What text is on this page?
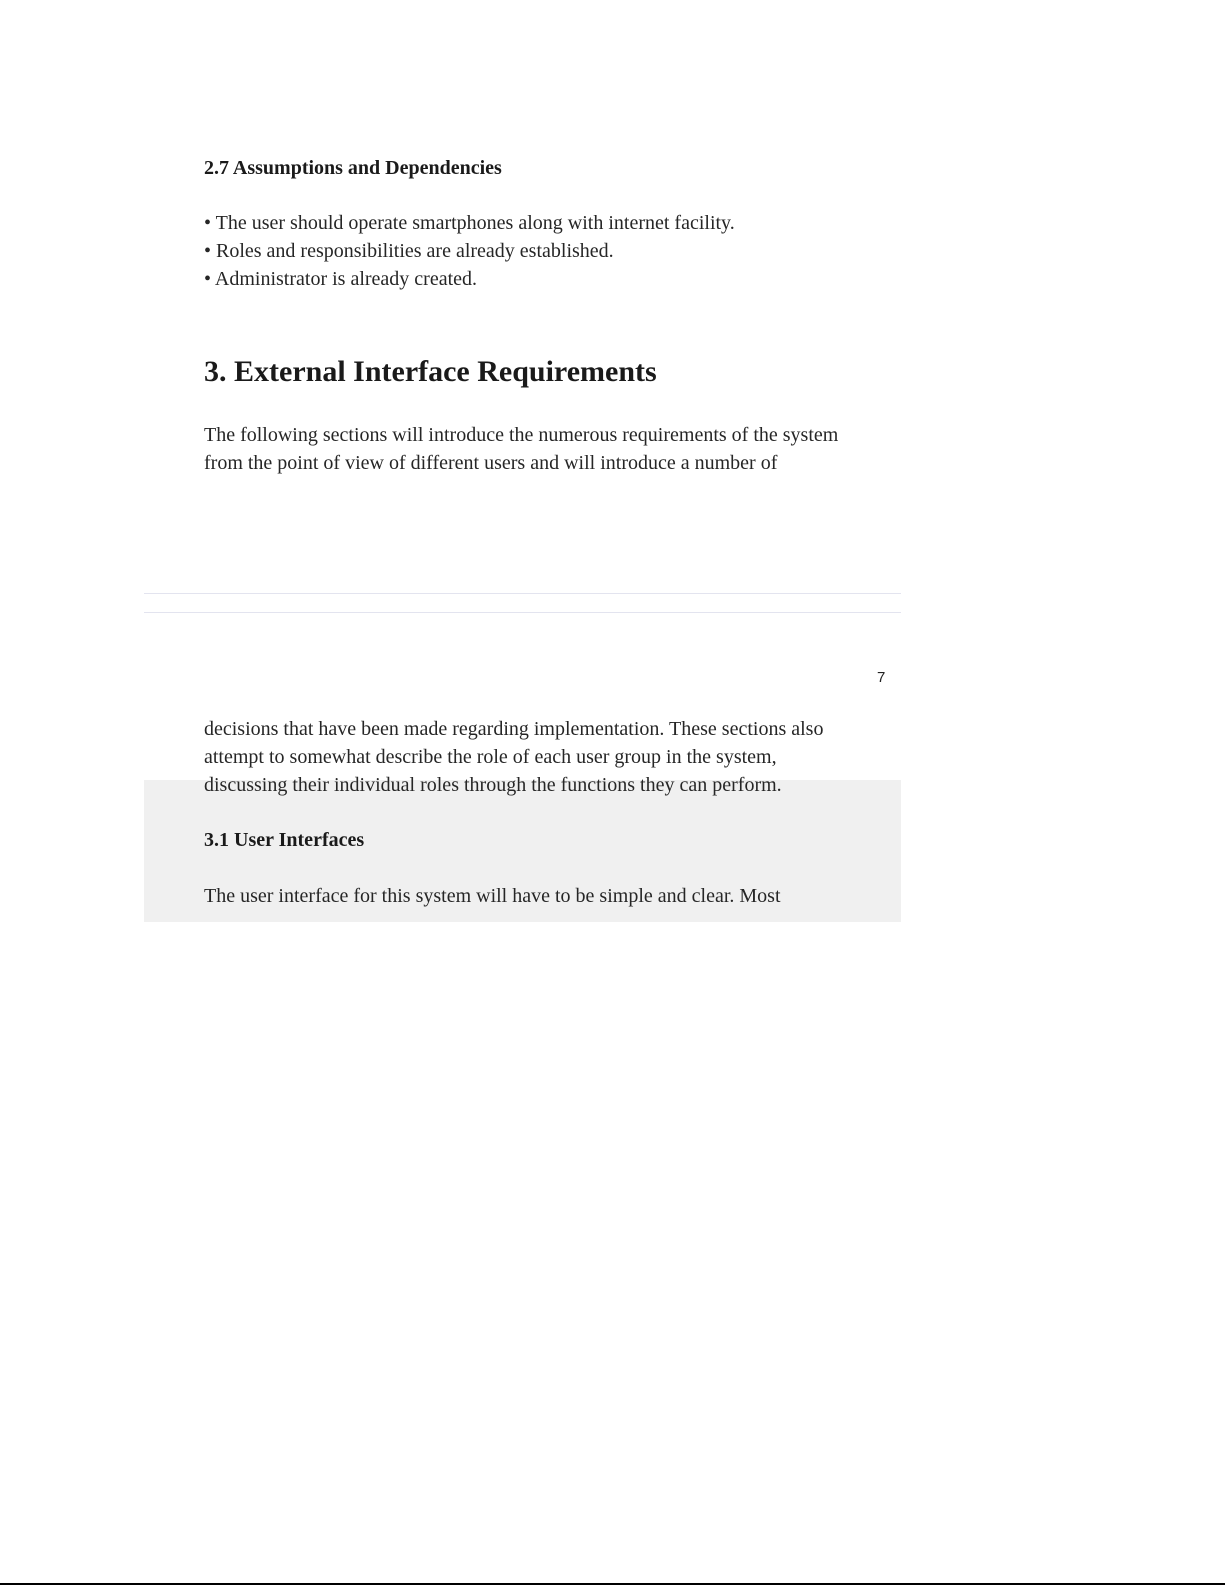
2.7 Assumptions and Dependencies
• The user should operate smartphones along with internet facility.
• Roles and responsibilities are already established.
• Administrator is already created.
3. External Interface Requirements
The following sections will introduce the numerous requirements of the system
from the point of view of different users and will introduce a number of
7
decisions that have been made regarding implementation. These sections also
attempt to somewhat describe the role of each user group in the system,
discussing their individual roles through the functions they can perform.
3.1 User Interfaces
The user interface for this system will have to be simple and clear. Most
